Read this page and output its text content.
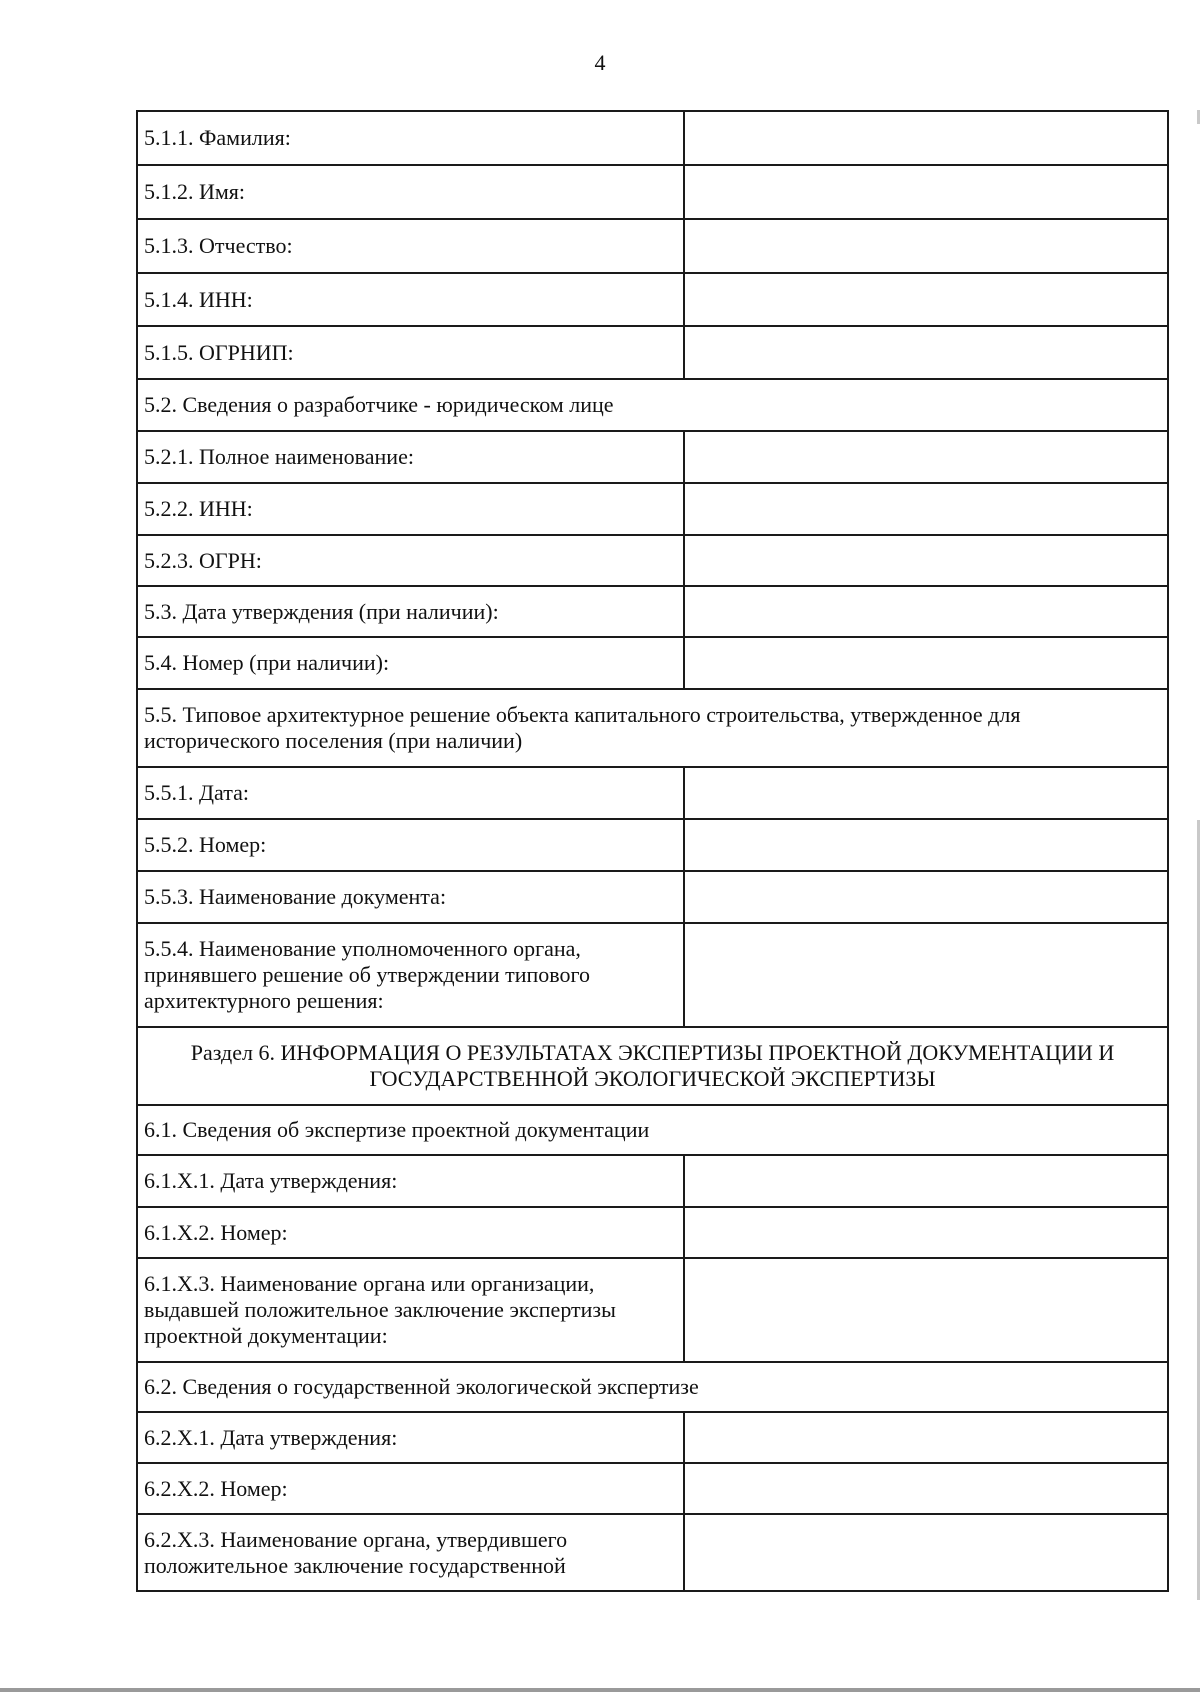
4
5.1.1. Фамилия:	
5.1.2. Имя:	
5.1.3. Отчество:	
5.1.4. ИНН:	
5.1.5. ОГРНИП:	
5.2. Сведения о разработчике - юридическом лице	
5.2.1. Полное наименование:	
5.2.2. ИНН:	
5.2.3. ОГРН:	
5.3. Дата утверждения (при наличии):	
5.4. Номер (при наличии):	
5.5. Типовое архитектурное решение объекта капитального строительства, утвержденное для исторического поселения (при наличии)	
5.5.1. Дата:	
5.5.2. Номер:	
5.5.3. Наименование документа:	
5.5.4. Наименование уполномоченного органа, принявшего решение об утверждении типового архитектурного решения:	
Раздел 6. ИНФОРМАЦИЯ О РЕЗУЛЬТАТАХ ЭКСПЕРТИЗЫ ПРОЕКТНОЙ ДОКУМЕНТАЦИИ И ГОСУДАРСТВЕННОЙ ЭКОЛОГИЧЕСКОЙ ЭКСПЕРТИЗЫ	
6.1. Сведения об экспертизе проектной документации	
6.1.Х.1. Дата утверждения:	
6.1.Х.2. Номер:	
6.1.Х.3. Наименование органа или организации, выдавшей положительное заключение экспертизы проектной документации:	
6.2. Сведения о государственной экологической экспертизе	
6.2.Х.1. Дата утверждения:	
6.2.Х.2. Номер:	
6.2.Х.3. Наименование органа, утвердившего положительное заключение государственной	
